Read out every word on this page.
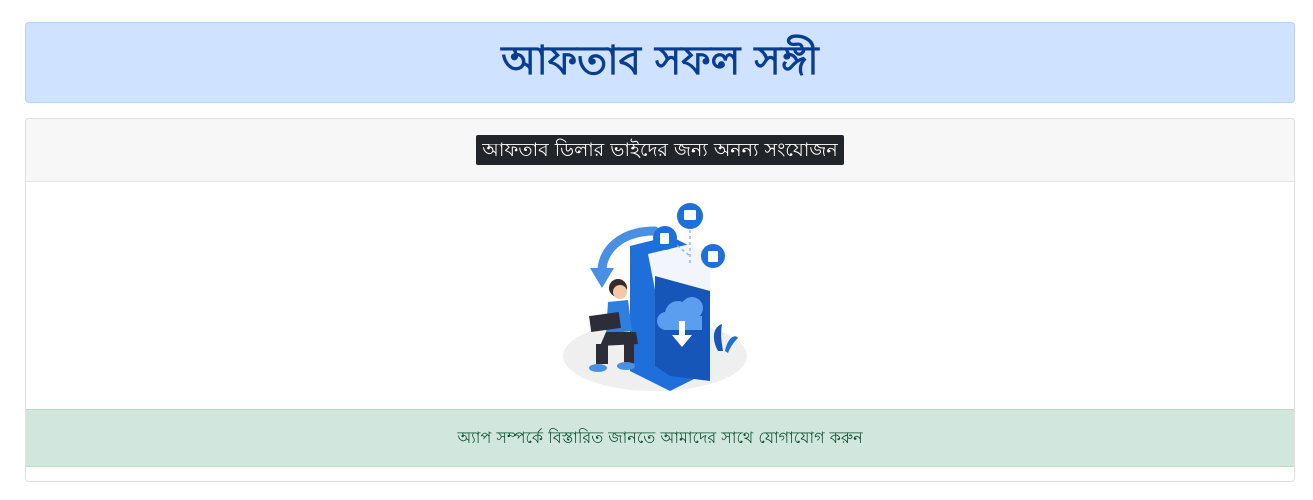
আফতাব সফল সঙ্গী
আফতাব ডিলার ভাইদের জন্য অনন্য সংযোজন
অ্যাপ সম্পর্কে বিস্তারিত জানতে আমাদের সাথে যোগাযোগ করুন
